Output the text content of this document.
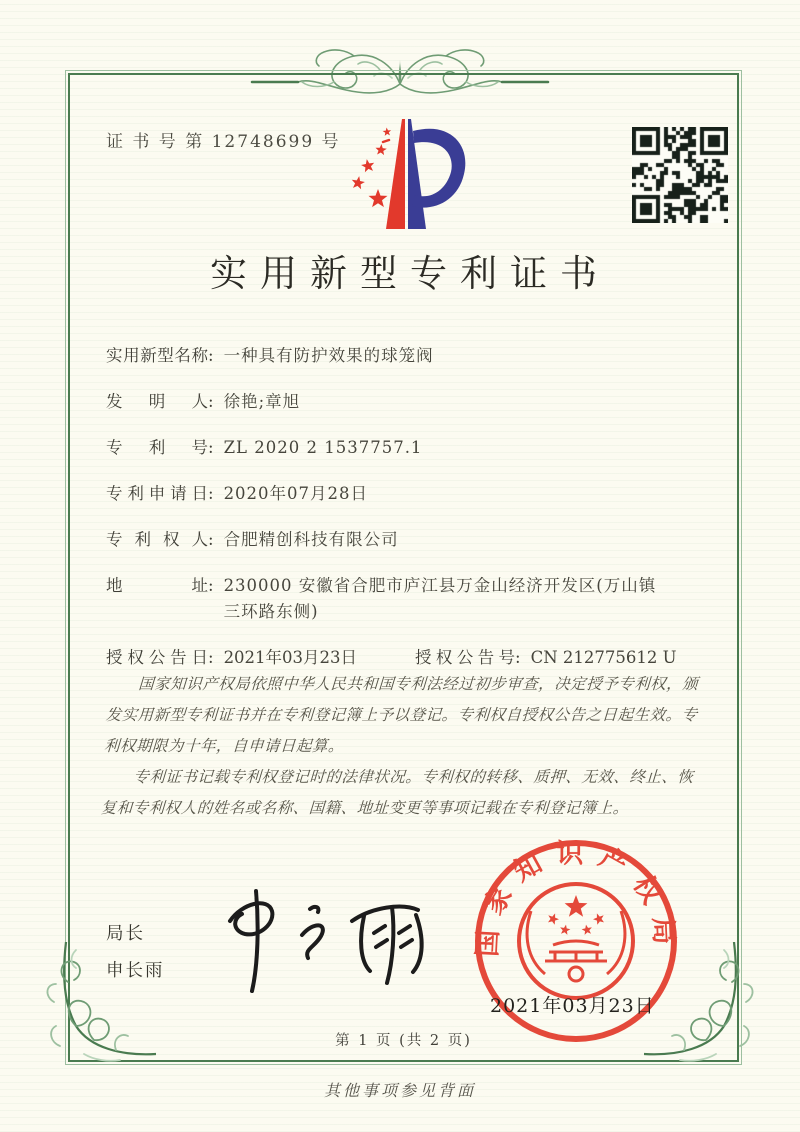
证 书 号 第 12748699 号
实用新型专利证书
实用新型名称 : 一种具有防护效果的球笼阀
发明人 : 徐艳;章旭
专利号 : ZL 2020 2 1537757.1
专利申请日 : 2020年07月28日
专利权人 : 合肥精创科技有限公司
地址 : 230000 安徽省合肥市庐江县万金山经济开发区(万山镇三环路东侧)
授权公告日: 2021年03月23日	授权公告号: CN 212775612 U

国家知识产权局依照中华人民共和国专利法经过初步审查，决定授予专利权，颁发实用新型专利证书并在专利登记簿上予以登记。专利权自授权公告之日起生效。专利权期限为十年，自申请日起算。

专利证书记载专利权登记时的法律状况。专利权的转移、质押、无效、终止、恢复和专利权人的姓名或名称、国籍、地址变更等事项记载在专利登记簿上。

局长
申长雨
国家知识产权局
2021年03月23日
第 1 页 (共 2 页)
其他事项参见背面
